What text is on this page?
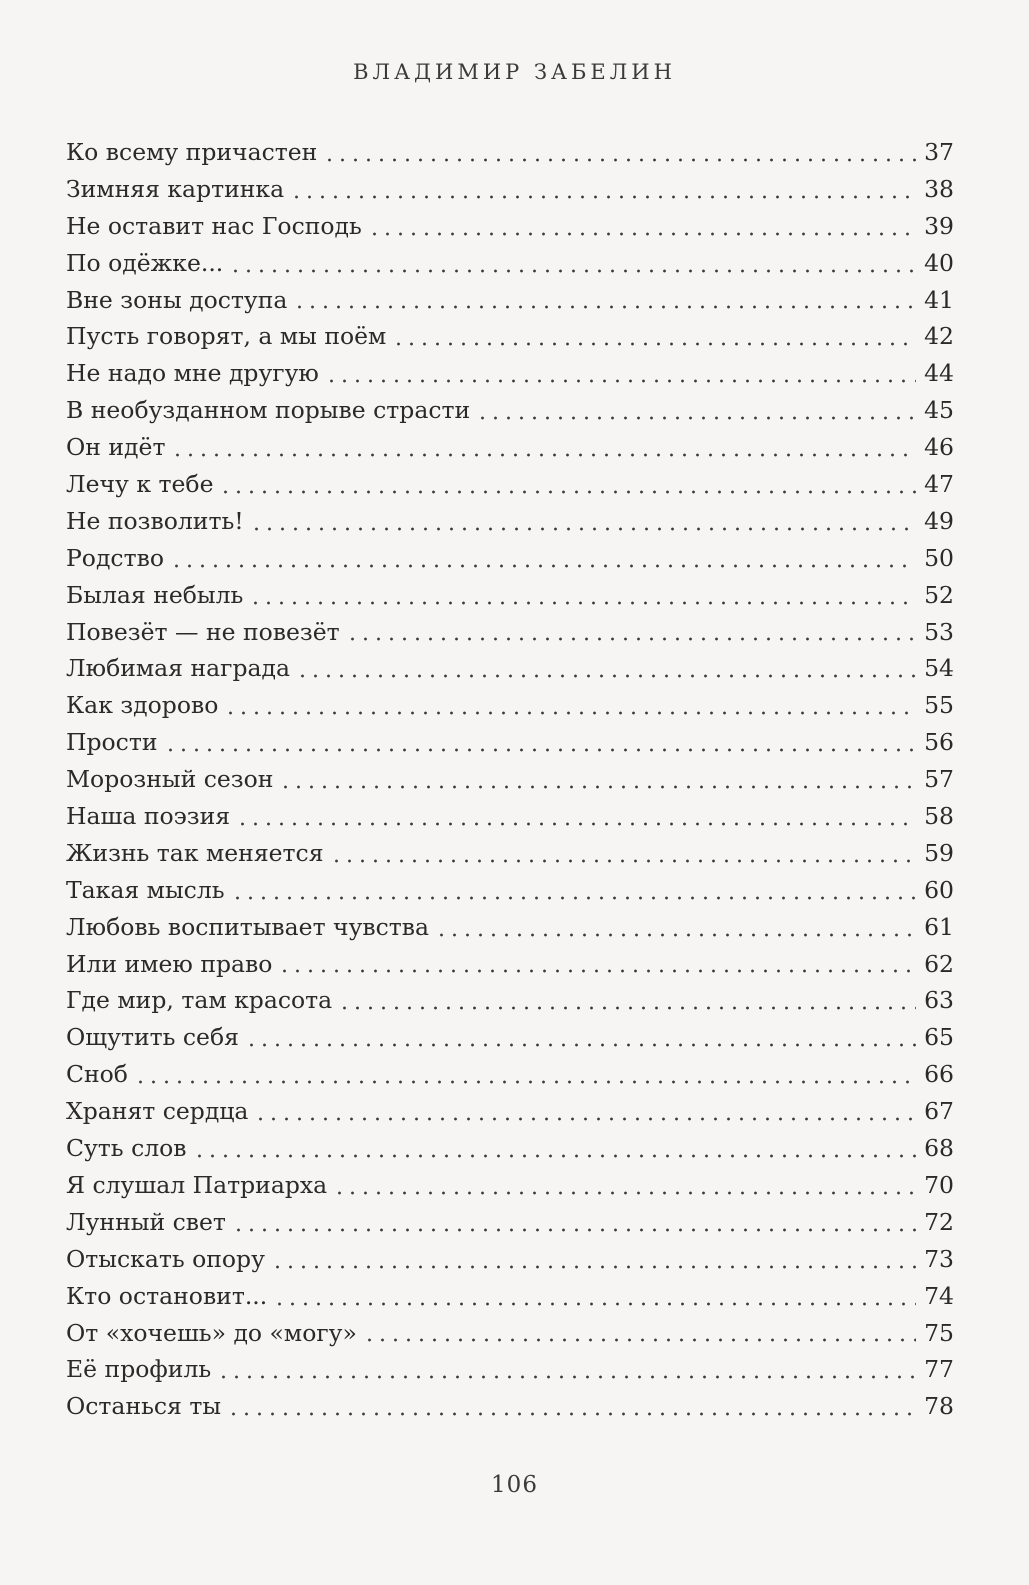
ВЛАДИМИР ЗАБЕЛИН
Ко всему причастен	37
Зимняя картинка	38
Не оставит нас Господь	39
По одёжке...	40
Вне зоны доступа	41
Пусть говорят, а мы поём	42
Не надо мне другую	44
В необузданном порыве страсти	45
Он идёт	46
Лечу к тебе	47
Не позволить!	49
Родство	50
Былая небыль	52
Повезёт — не повезёт	53
Любимая награда	54
Как здорово	55
Прости	56
Морозный сезон	57
Наша поэзия	58
Жизнь так меняется	59
Такая мысль	60
Любовь воспитывает чувства	61
Или имею право	62
Где мир, там красота	63
Ощутить себя	65
Сноб	66
Хранят сердца	67
Суть слов	68
Я слушал Патриарха	70
Лунный свет	72
Отыскать опору	73
Кто остановит...	74
От «хочешь» до «могу»	75
Её профиль	77
Останься ты	78
106
